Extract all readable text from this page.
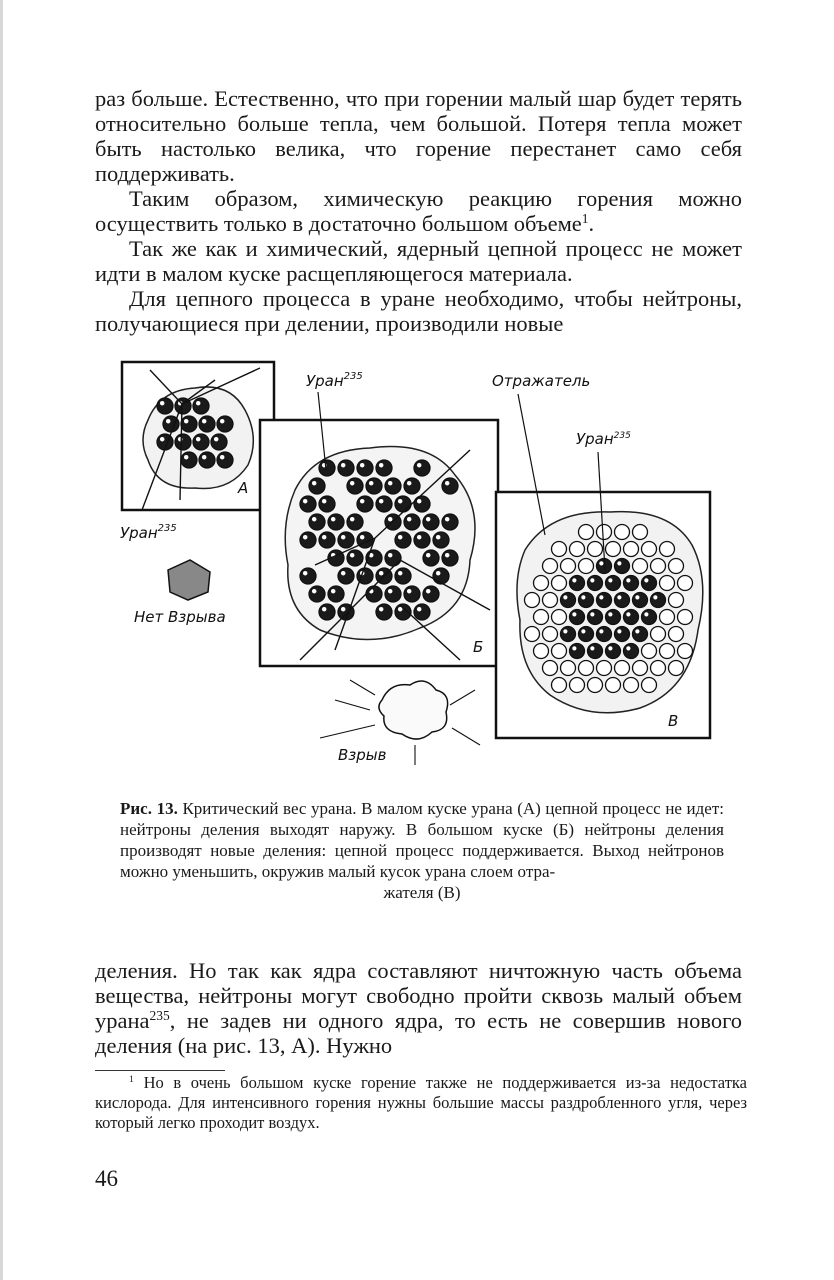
раз больше. Естественно, что при горении малый шар будет терять относительно больше тепла, чем большой. Потеря тепла может быть настолько велика, что горение перестанет само себя поддерживать.

Таким образом, химическую реакцию горения можно осуществить только в достаточно большом объеме$^1$.

Так же как и химический, ядерный цепной процесс не может идти в малом куске расщепляющегося материала.

Для цепного процесса в уране необходимо, чтобы нейтроны, получающиеся при делении, производили новые

А
Б
В
Уран$^{235}$	Отражатель
Уран$^{235}$
Уран$^{235}$
Нет Взрыва
Взрыв

Рис. 13. Критический вес урана. В малом куске урана (А) цепной процесс не идет: нейтроны деления выходят наружу. В большом куске (Б) нейтроны деления производят новые деления: цепной процесс поддерживается. Выход нейтронов можно уменьшить, окружив малый кусок урана слоем отра-
жателя (В)

деления. Но так как ядра составляют ничтожную часть объема вещества, нейтроны могут свободно пройти сквозь малый объем урана$^{235}$, не задев ни одного ядра, то есть не совершив нового деления (на рис. 13, А). Нужно

$^1$ Но в очень большом куске горение также не поддерживается из-за недостатка кислорода. Для интенсивного горения нужны большие массы раздробленного угля, через который легко проходит воздух.

46
